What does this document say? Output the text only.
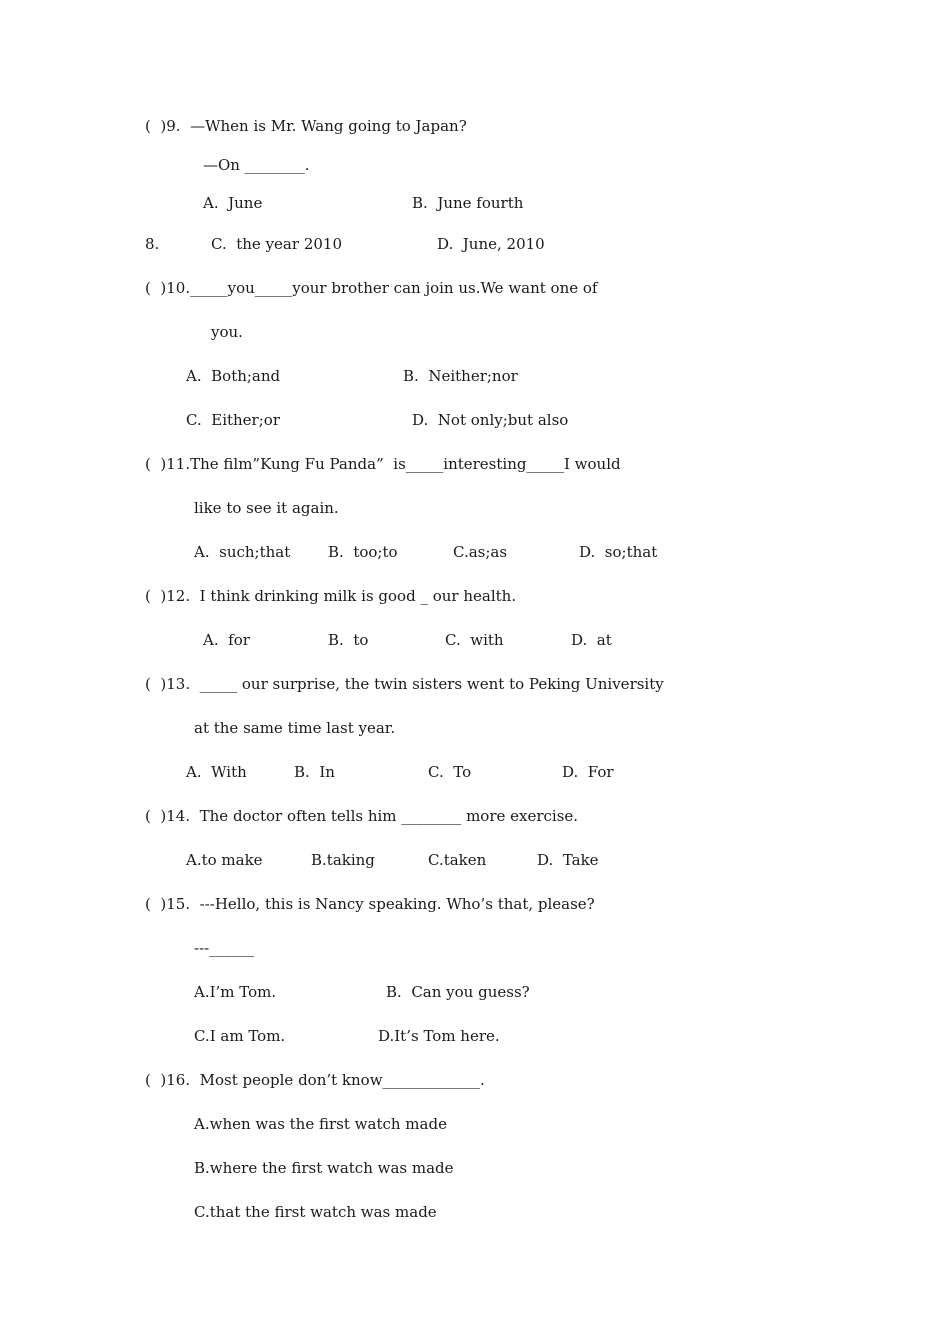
(  )9.  —When is Mr. Wang going to Japan?
—On ________.
A.  June	B.  June fourth
8.	C.  the year 2010	D.  June, 2010
(  )10._____you_____your brother can join us.We want one of
you.
A.  Both;and	B.  Neither;nor
C.  Either;or	D.  Not only;but also
(  )11.The film”Kung Fu Panda”  is_____interesting_____I would
like to see it again.
A.  such;that	B.  too;to	C.as;as	D.  so;that
(  )12.  I think drinking milk is good _ our health.
A.  for	B.  to	C.  with	D.  at
(  )13.  _____ our surprise, the twin sisters went to Peking University
at the same time last year.
A.  With	B.  In	C.  To	D.  For
(  )14.  The doctor often tells him ________ more exercise.
A.to make	B.taking	C.taken	D.  Take
(  )15.  ---Hello, this is Nancy speaking. Who’s that, please?
---______
A.I’m Tom.	B.  Can you guess?
C.I am Tom.	D.It’s Tom here.
(  )16.  Most people don’t know_____________.
A.when was the first watch made
B.where the first watch was made
C.that the first watch was made
